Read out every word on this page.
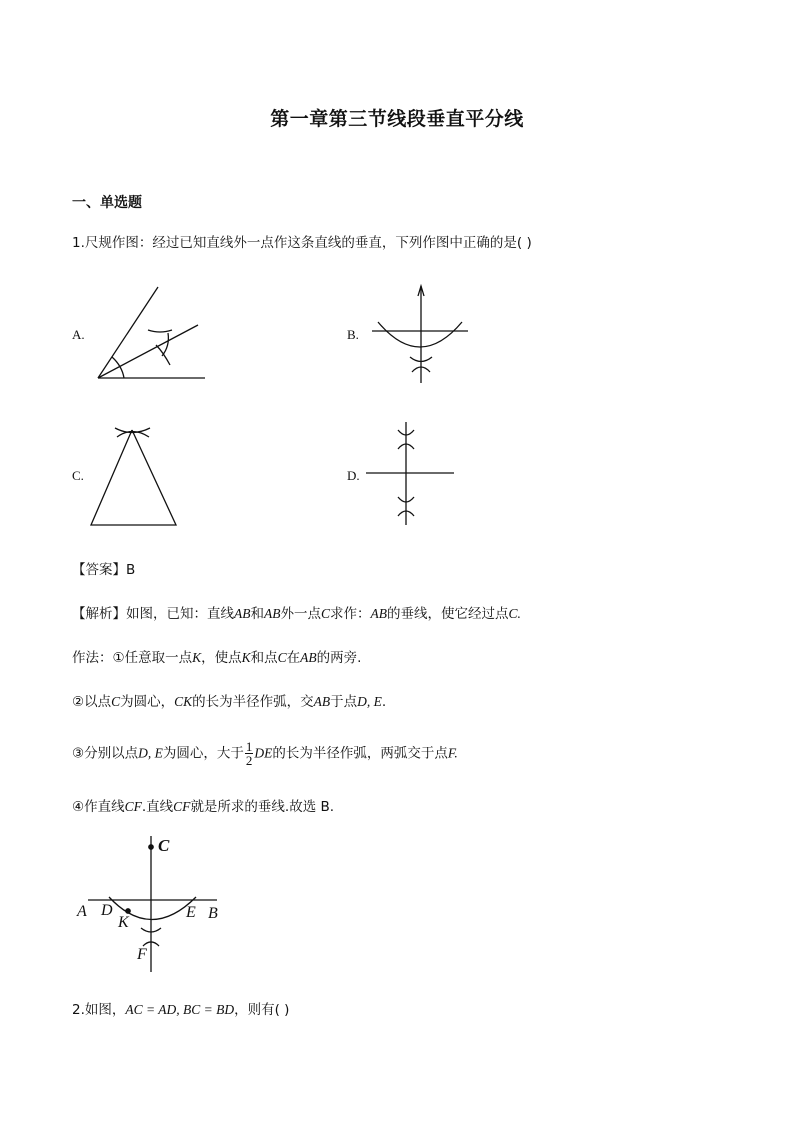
第一章第三节线段垂直平分线
一、单选题
1.尺规作图：经过已知直线外一点作这条直线的垂直，下列作图中正确的是( )
A.	B.
C.	D.
【答案】B
【解析】如图，已知：直线AB和AB外一点C求作：AB的垂线，使它经过点C.
作法：①任意取一点K，使点K和点C在AB的两旁.
②以点C为圆心，CK的长为半径作弧，交AB于点D, E.
③分别以点D, E为圆心，大于 $\frac{1}{2}$ DE的长为半径作弧，两弧交于点F.
④作直线CF.直线CF就是所求的垂线.故选 B.
C
A D
K
E B
F
2.如图，AC = AD, BC = BD，则有( )
